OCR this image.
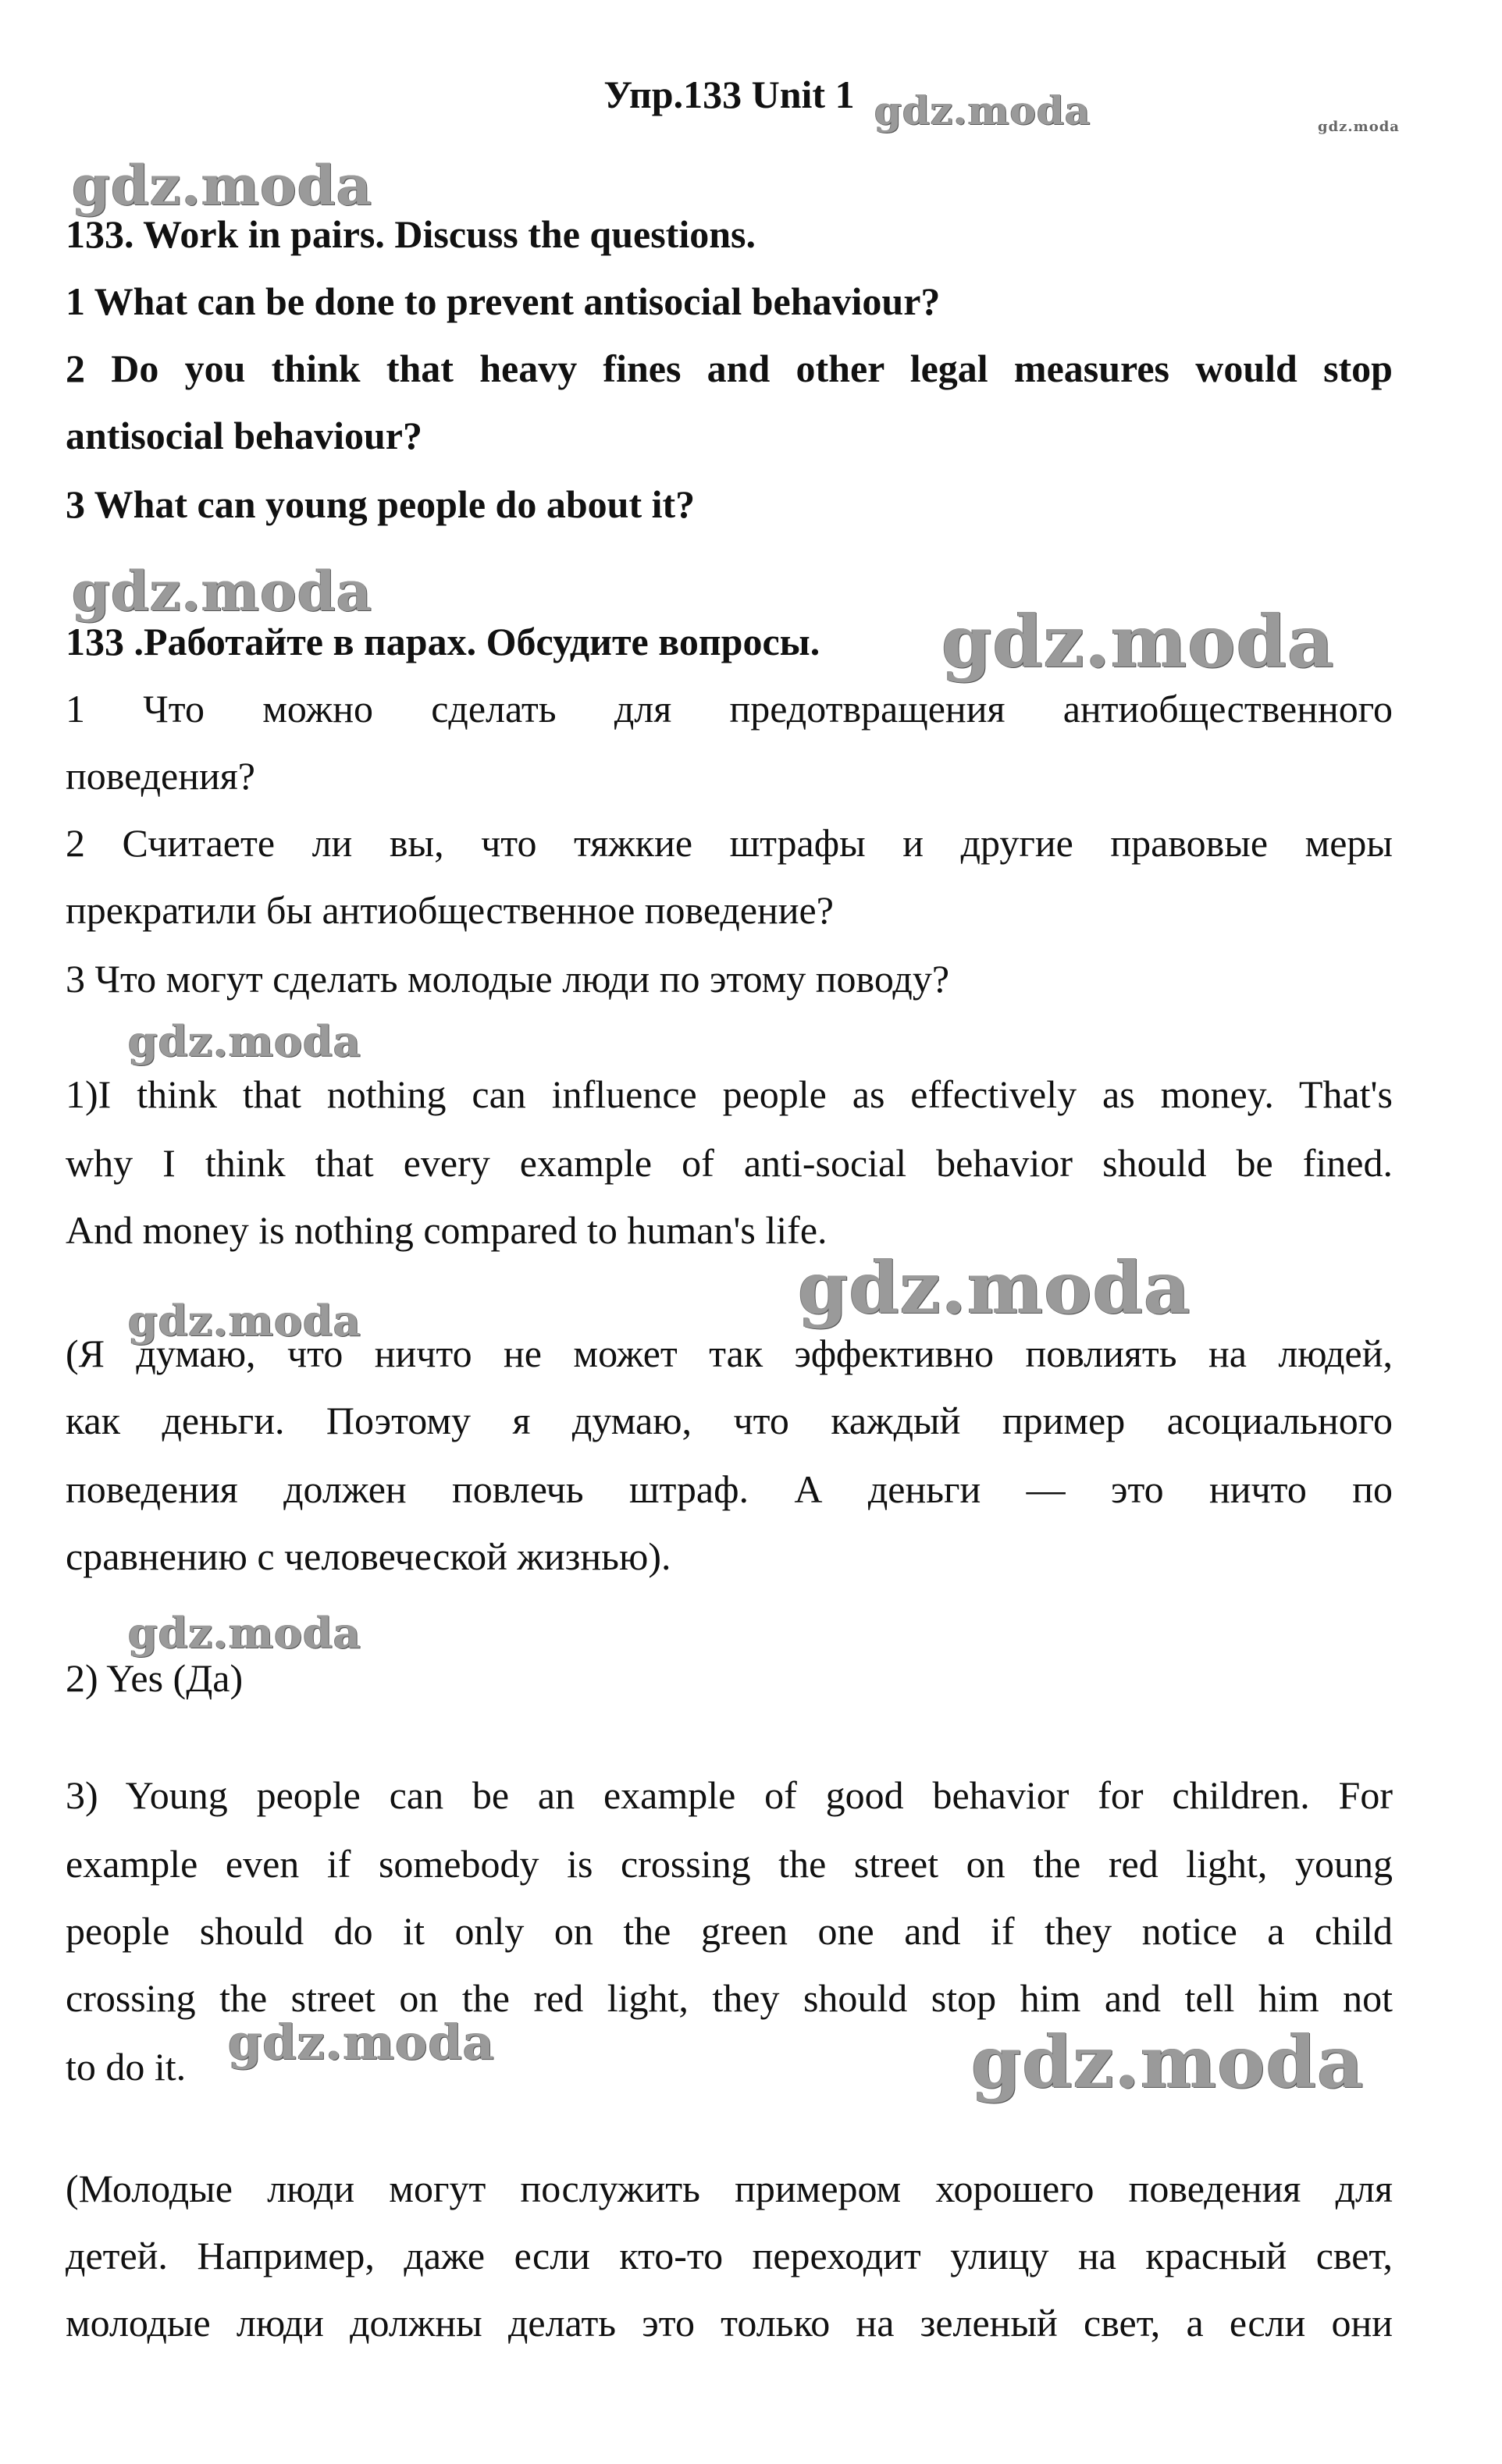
gdz.moda	gdz.moda
gdz.moda
gdz.moda
gdz.moda
gdz.moda
gdz.moda
gdz.moda
gdz.moda
gdz.moda	gdz.moda
Упр.133 Unit 1
133. Work in pairs. Discuss the questions.
1 What can be done to prevent antisocial behaviour?
2 Do you think that heavy fines and other legal measures would stop
antisocial behaviour?
3 What can young people do about it?
133 .Работайте в парах. Обсудите вопросы.
1 Что можно сделать для предотвращения антиобщественного
поведения?
2 Считаете ли вы, что тяжкие штрафы и другие правовые меры
прекратили бы антиобщественное поведение?
3 Что могут сделать молодые люди по этому поводу?
1)I think that nothing can influence people as effectively as money. That's
why I think that every example of anti-social behavior should be fined.
And money is nothing compared to human's life.
(Я думаю, что ничто не может так эффективно повлиять на людей,
как деньги. Поэтому я думаю, что каждый пример асоциального
поведения должен повлечь штраф. А деньги — это ничто по
сравнению с человеческой жизнью).
2) Yes (Да)
3) Young people can be an example of good behavior for children. For
example even if somebody is crossing the street on the red light, young
people should do it only on the green one and if they notice a child
crossing the street on the red light, they should stop him and tell him not
to do it.
(Молодые люди могут послужить примером хорошего поведения для
детей. Например, даже если кто-то переходит улицу на красный свет,
молодые люди должны делать это только на зеленый свет, а если они
